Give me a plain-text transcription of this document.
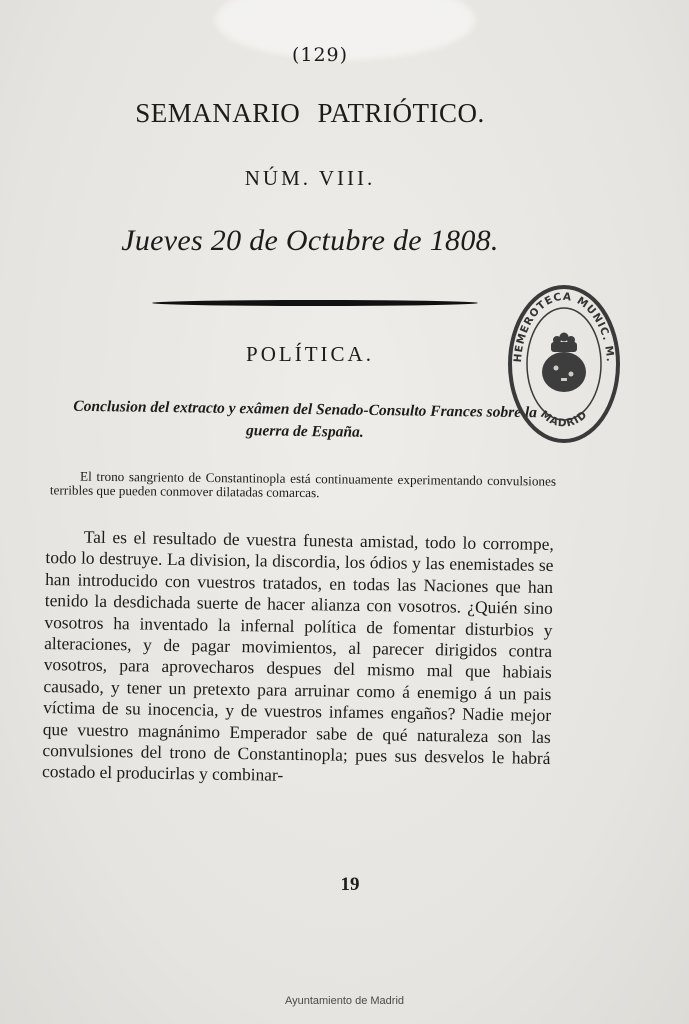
(129)
SEMANARIO PATRIÓTICO.
NÚM. VIII.
Jueves 20 de Octubre de 1808.
POLÍTICA.
Conclusion del extracto y exâmen del Senado-Consulto Frances sobre la guerra de España.
El trono sangriento de Constantinopla está continuamente experimentando convulsiones terribles que pueden conmover dilatadas comarcas.
Tal es el resultado de vuestra funesta amistad, todo lo corrompe, todo lo destruye. La division, la discordia, los ódios y las enemistades se han introducido con vuestros tratados, en todas las Naciones que han tenido la desdichada suerte de hacer alianza con vosotros. ¿Quién sino vosotros ha inventado la infernal política de fomentar disturbios y alteraciones, y de pagar movimientos, al parecer dirigidos contra vosotros, para aprovecharos despues del mismo mal que habiais causado, y tener un pretexto para arruinar como á enemigo á un pais víctima de su inocencia, y de vuestros infames engaños? Nadie mejor que vuestro magnánimo Emperador sabe de qué naturaleza son las convulsiones del trono de Constantinopla; pues sus desvelos le habrá costado el producirlas y combinar-
19
HEMEROTECA MUNIC. M.
MADRID
Ayuntamiento de Madrid
